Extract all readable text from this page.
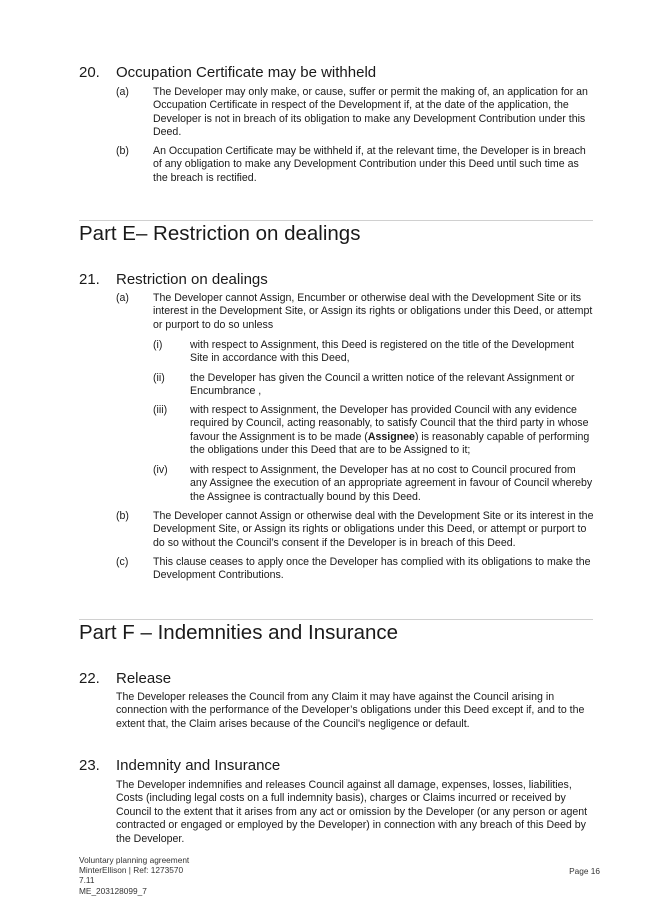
20. Occupation Certificate may be withheld
(a) The Developer may only make, or cause, suffer or permit the making of, an application for an Occupation Certificate in respect of the Development if, at the date of the application, the Developer is not in breach of its obligation to make any Development Contribution under this Deed.
(b) An Occupation Certificate may be withheld if, at the relevant time, the Developer is in breach of any obligation to make any Development Contribution under this Deed until such time as the breach is rectified.
Part E– Restriction on dealings
21. Restriction on dealings
(a) The Developer cannot Assign, Encumber or otherwise deal with the Development Site or its interest in the Development Site, or Assign its rights or obligations under this Deed, or attempt or purport to do so unless
(i)	with respect to Assignment, this Deed is registered on the title of the Development Site in accordance with this Deed,
(ii) the Developer has given the Council a written notice of the relevant Assignment or Encumbrance ,
(iii) with respect to Assignment, the Developer has provided Council with any evidence required by Council, acting reasonably, to satisfy Council that the third party in whose favour the Assignment is to be made (Assignee) is reasonably capable of performing the obligations under this Deed that are to be Assigned to it;
(iv) with respect to Assignment, the Developer has at no cost to Council procured from any Assignee the execution of an appropriate agreement in favour of Council whereby the Assignee is contractually bound by this Deed.
(b) The Developer cannot Assign or otherwise deal with the Development Site or its interest in the Development Site, or Assign its rights or obligations under this Deed, or attempt or purport to do so without the Council’s consent if the Developer is in breach of this Deed.
(c) This clause ceases to apply once the Developer has complied with its obligations to make the Development Contributions.
Part F – Indemnities and Insurance
22. Release
The Developer releases the Council from any Claim it may have against the Council arising in connection with the performance of the Developer’s obligations under this Deed except if, and to the extent that, the Claim arises because of the Council's negligence or default.
23. Indemnity and Insurance
The Developer indemnifies and releases Council against all damage, expenses, losses, liabilities, Costs (including legal costs on a full indemnity basis), charges or Claims incurred or received by Council to the extent that it arises from any act or omission by the Developer (or any person or agent contracted or engaged or employed by the Developer) in connection with any breach of this Deed by the Developer.
Voluntary planning agreement
MinterEllison | Ref: 1273570
7.11
ME_203128099_7
Page 16
